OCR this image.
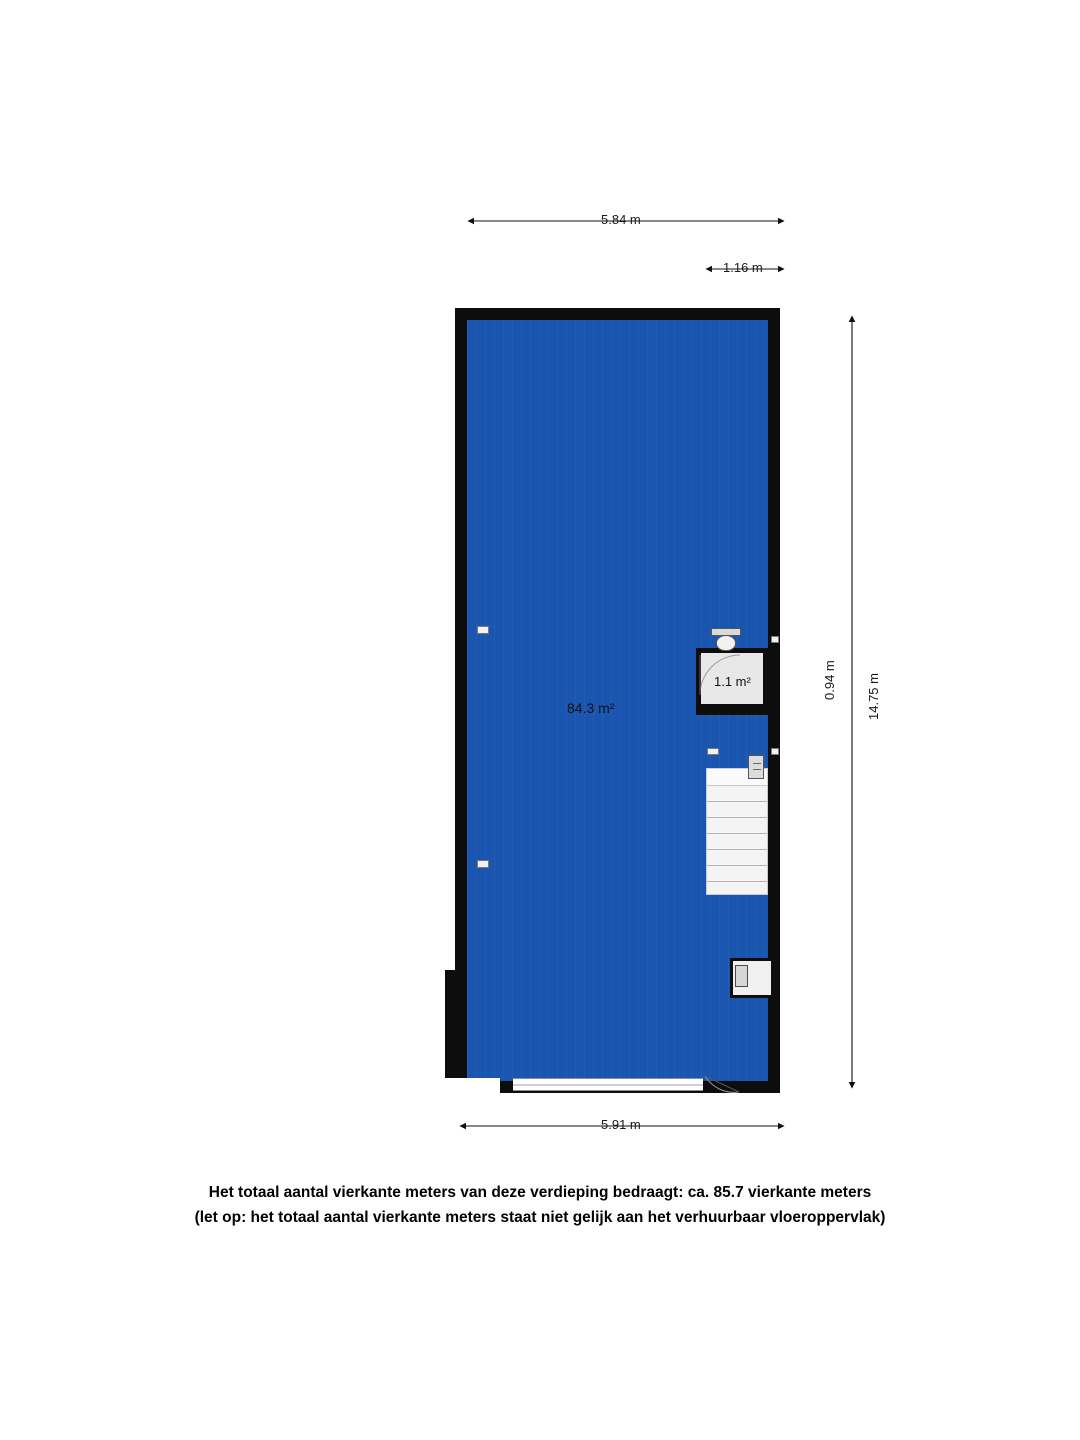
5.84 m
1.16 m
0.94 m 14.75 m
5.91 m
1.1 m²
84.3 m²
Het totaal aantal vierkante meters van deze verdieping bedraagt: ca. 85.7 vierkante meters
(let op: het totaal aantal vierkante meters staat niet gelijk aan het verhuurbaar vloeroppervlak)
